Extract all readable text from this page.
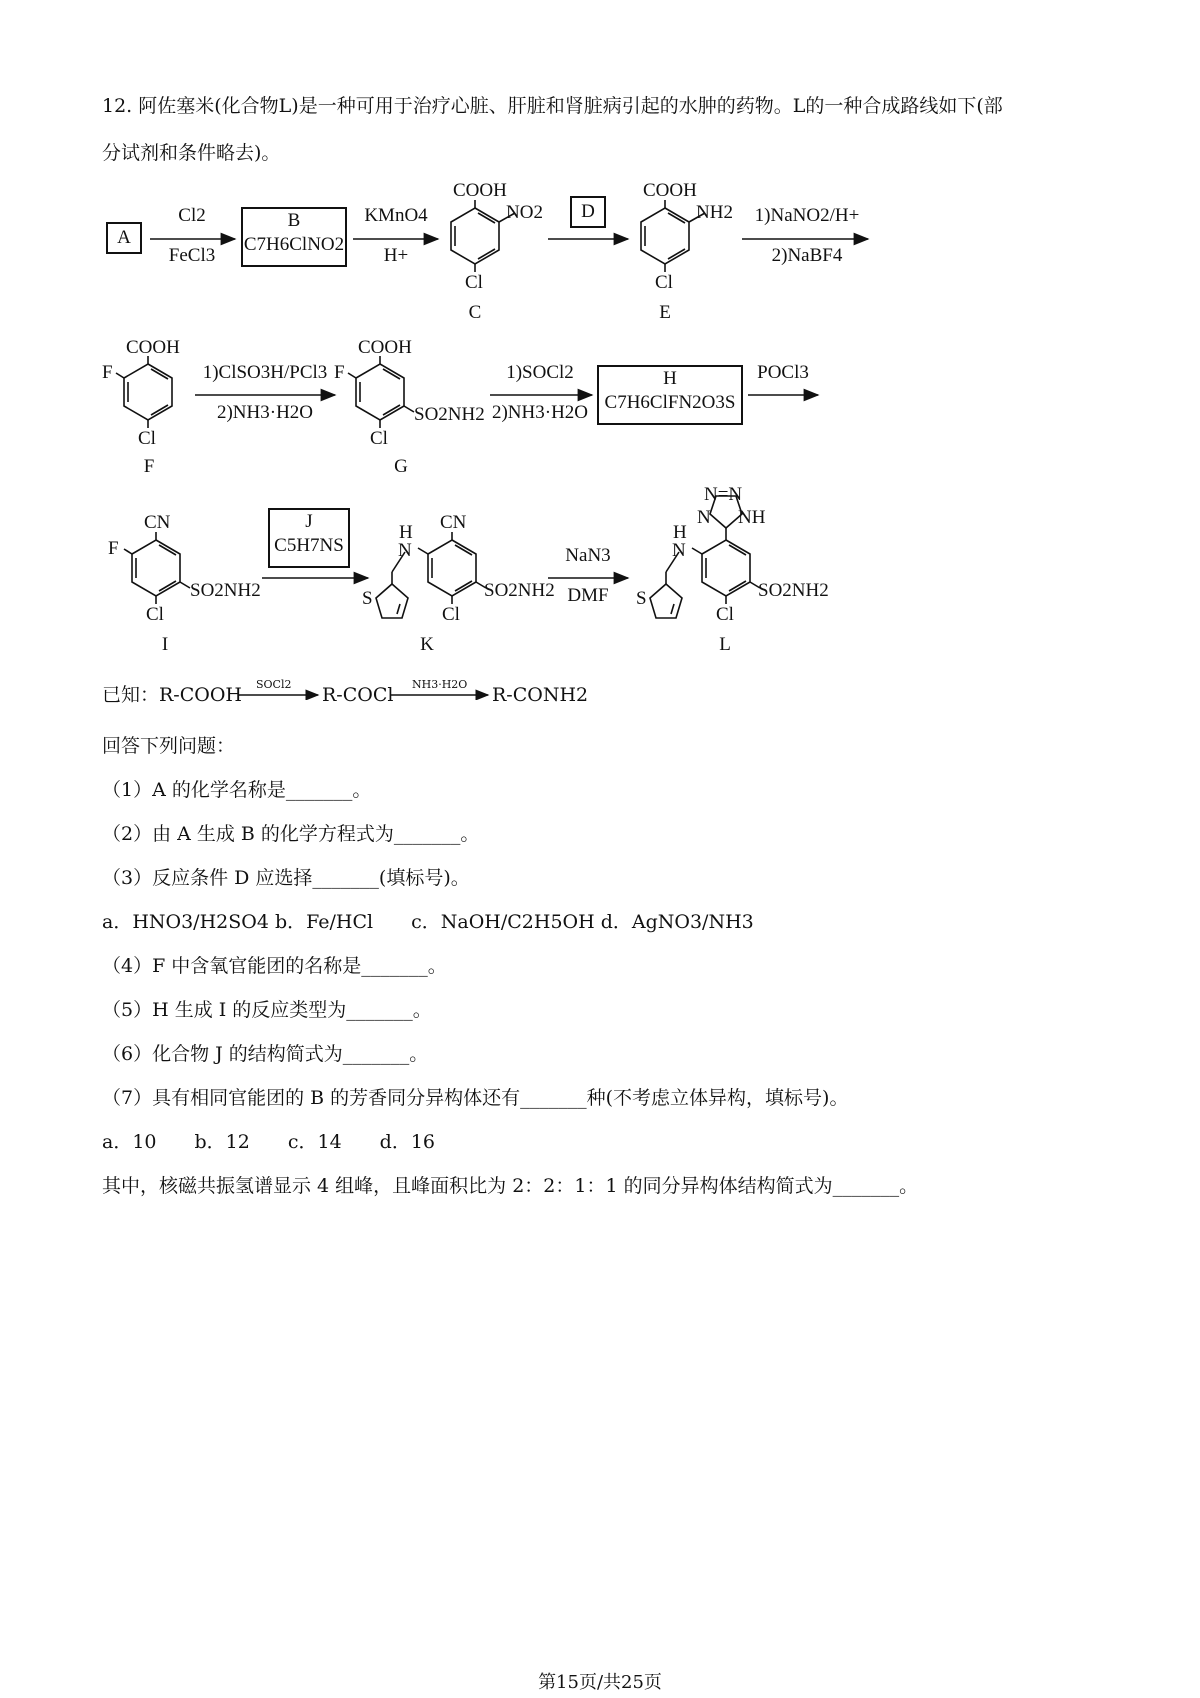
12. 阿佐塞米(化合物L)是一种可用于治疗心脏、肝脏和肾脏病引起的水肿的药物。L的一种合成路线如下(部
分试剂和条件略去)。
A
Cl2
FeCl3
B
C7H6ClNO2
KMnO4
H+
COOH
NO2
Cl
C
D
COOH
NH2
Cl
E
1)NaNO2/H+
2)NaBF4
COOH
F
Cl
F
1)ClSO3H/PCl3
2)NH3·H2O
COOH
F
SO2NH2
Cl
G
1)SOCl2
2)NH3·H2O
H
C7H6ClFN2O3S
POCl3
CN
F
SO2NH2
Cl
I
J
C5H7NS
H
N
CN
SO2NH2
Cl
S
K
NaN3
DMF
N=N
N NH
H
N
SO2NH2
Cl
S
L
已知：R-COOH SOCl2 R-COCl NH3·H2O R-CONH2
回答下列问题：
（1）A 的化学名称是_______。
（2）由 A 生成 B 的化学方程式为_______。
（3）反应条件 D 应选择_______(填标号)。
a．HNO3/H2SO4 b．Fe/HCl　　c．NaOH/C2H5OH d．AgNO3/NH3
（4）F 中含氧官能团的名称是_______。
（5）H 生成 I 的反应类型为_______。
（6）化合物 J 的结构简式为_______。
（7）具有相同官能团的 B 的芳香同分异构体还有_______种(不考虑立体异构，填标号)。
a．10　　b．12　　c．14　　d．16
其中，核磁共振氢谱显示 4 组峰，且峰面积比为 2：2：1：1 的同分异构体结构简式为_______。
第15页/共25页
